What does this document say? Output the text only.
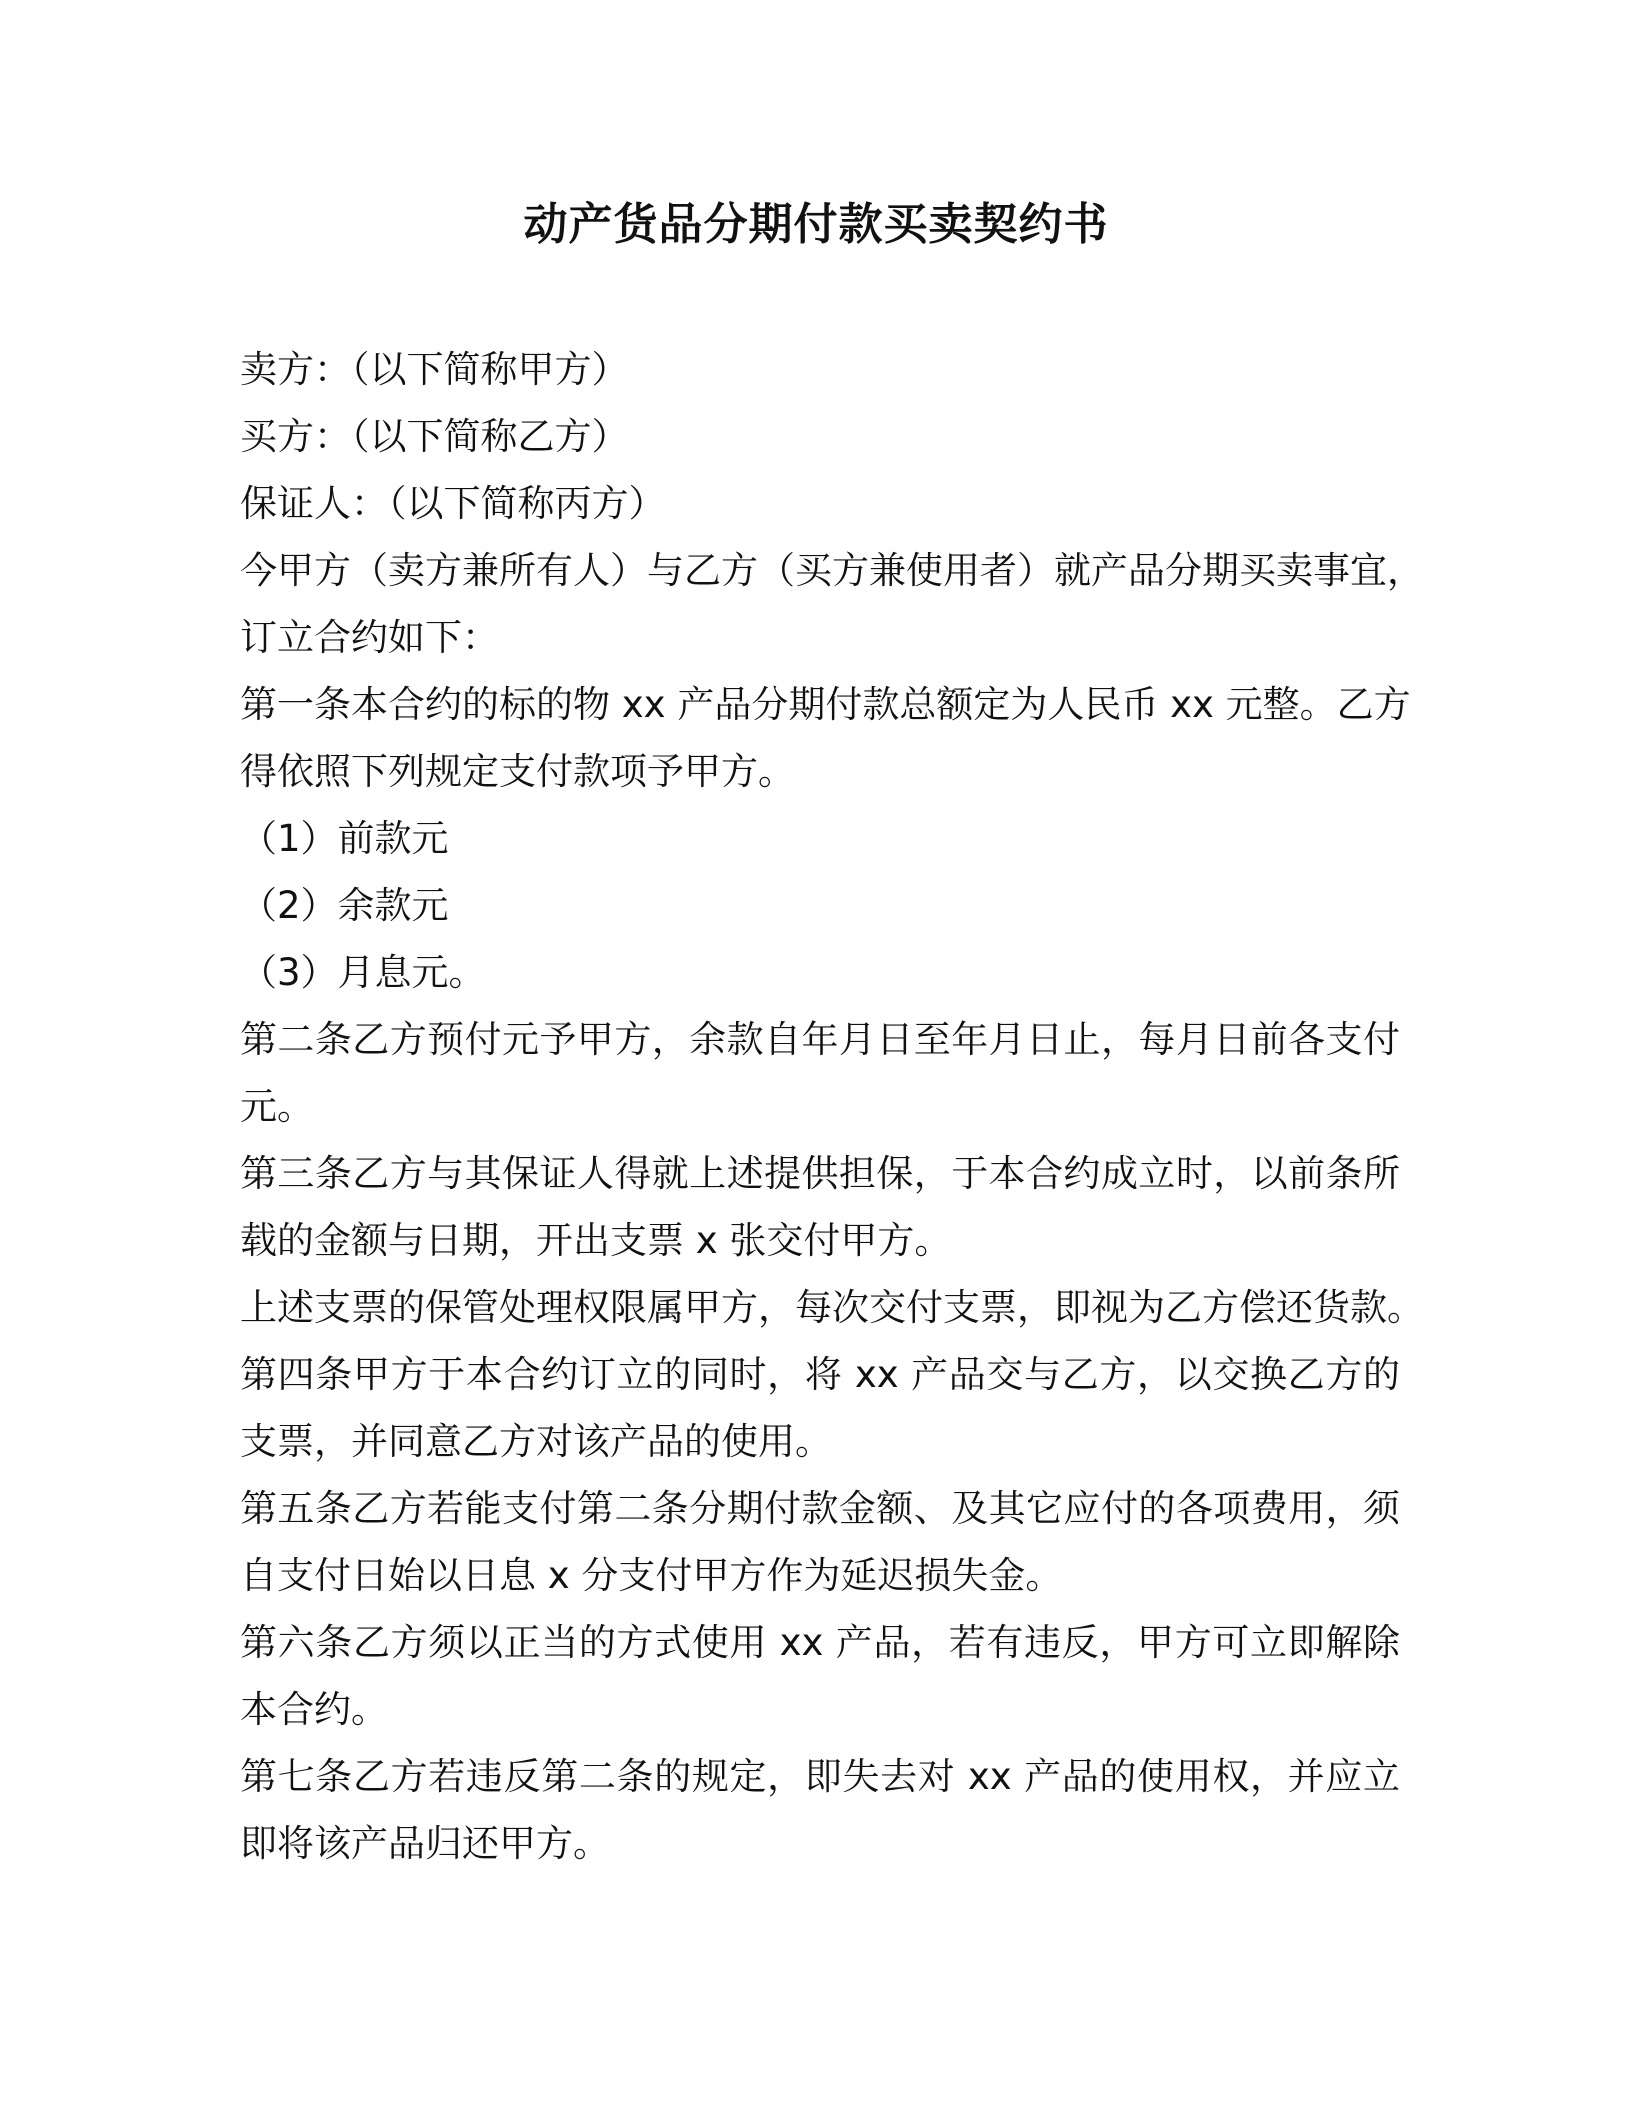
动产货品分期付款买卖契约书

卖方：（以下简称甲方）

买方：（以下简称乙方）

保证人：（以下简称丙方）

今甲方（卖方兼所有人）与乙方（买方兼使用者）就产品分期买卖事宜，

订立合约如下：

第一条本合约的标的物 xx 产品分期付款总额定为人民币 xx 元整。乙方

得依照下列规定支付款项予甲方。

（1）前款元

（2）余款元

（3）月息元。

第二条乙方预付元予甲方，余款自年月日至年月日止，每月日前各支付

元。

第三条乙方与其保证人得就上述提供担保，于本合约成立时，以前条所

载的金额与日期，开出支票 x 张交付甲方。

上述支票的保管处理权限属甲方，每次交付支票，即视为乙方偿还货款。

第四条甲方于本合约订立的同时，将 xx 产品交与乙方，以交换乙方的

支票，并同意乙方对该产品的使用。

第五条乙方若能支付第二条分期付款金额、及其它应付的各项费用，须

自支付日始以日息 x 分支付甲方作为延迟损失金。

第六条乙方须以正当的方式使用 xx 产品，若有违反，甲方可立即解除

本合约。

第七条乙方若违反第二条的规定，即失去对 xx 产品的使用权，并应立

即将该产品归还甲方。
